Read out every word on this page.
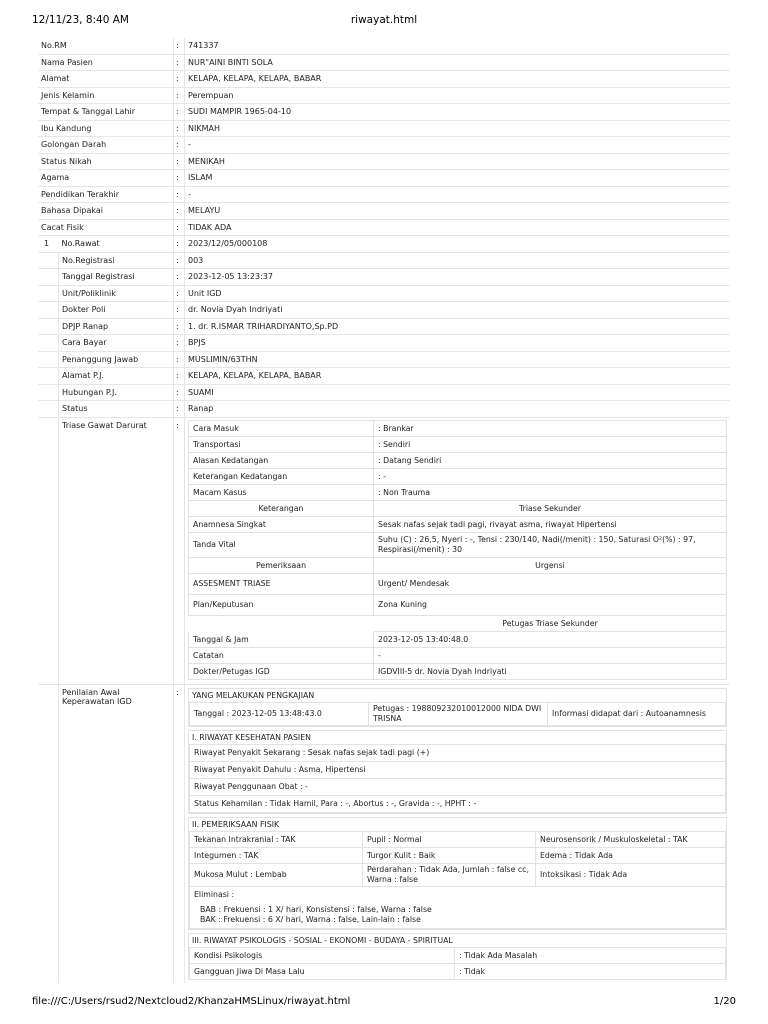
12/11/23, 8:40 AM	riwayat.html
No.RM	:	741337
Nama Pasien	:	NUR"AINI BINTI SOLA
Alamat	:	KELAPA, KELAPA, KELAPA, BABAR
Jenis Kelamin	:	Perempuan
Tempat & Tanggal Lahir	:	SUDI MAMPIR 1965-04-10
Ibu Kandung	:	NIKMAH
Golongan Darah	:	-
Status Nikah	:	MENIKAH
Agama	:	ISLAM
Pendidikan Terakhir	:	-
Bahasa Dipakai	:	MELAYU
Cacat Fisik	:	TIDAK ADA
1	No.Rawat	:	2023/12/05/000108
	No.Registrasi	:	003
	Tanggal Registrasi	:	2023-12-05 13:23:37
	Unit/Poliklinik	:	Unit IGD
	Dokter Poli	:	dr. Novia Dyah Indriyati
	DPJP Ranap	:	1. dr. R.ISMAR TRIHARDIYANTO,Sp.PD
	Cara Bayar	:	BPJS
	Penanggung Jawab	:	MUSLIMIN/63THN
	Alamat P.J.	:	KELAPA, KELAPA, KELAPA, BABAR
	Hubungan P.J.	:	SUAMI
	Status	:	Ranap
	Triase Gawat Darurat	:	Cara Masuk	: Brankar
Transportasi	: Sendiri
Alasan Kedatangan	: Datang Sendiri
Keterangan Kedatangan	: -
Macam Kasus	: Non Trauma
Keterangan	Triase Sekunder
Anamnesa Singkat	Sesak nafas sejak tadi pagi, rivayat asma, riwayat Hipertensi
Tanda Vital	Suhu (C) : 26,5, Nyeri : -, Tensi : 230/140, Nadi(/menit) : 150, Saturasi O²(%) : 97, Respirasi(/menit) : 30
Pemeriksaan	Urgensi
ASSESMENT TRIASE	Urgent/ Mendesak
Plan/Keputusan	Zona Kuning
	Petugas Triase Sekunder
Tanggal & Jam	2023-12-05 13:40:48.0
Catatan	-
Dokter/Petugas IGD	IGDVIII-5 dr. Novia Dyah Indriyati

	Penilaian Awal Keperawatan IGD	:	YANG MELAKUKAN PENGKAJIAN
Tanggal : 2023-12-05 13:48:43.0	Petugas : 198809232010012000 NIDA DWI TRISNA	Informasi didapat dari : Autoanamnesis
I. RIWAYAT KESEHATAN PASIEN
Riwayat Penyakit Sekarang : Sesak nafas sejak tadi pagi (+)
Riwayat Penyakit Dahulu : Asma, Hipertensi
Riwayat Penggunaan Obat : -
Status Kehamilan : Tidak Hamil, Para : -, Abortus : -, Gravida : -, HPHT : -
II. PEMERIKSAAN FISIK
Tekanan Intrakranial : TAK	Pupil : Normal	Neurosensorik / Muskuloskeletal : TAK
Integumen : TAK	Turgor Kulit : Baik	Edema : Tidak Ada
Mukosa Mulut : Lembab	Perdarahan : Tidak Ada, Jumlah : false cc, Warna : false	Intoksikasi : Tidak Ada

Eliminasi :
BAB : Frekuensi : 1 X/ hari, Konsistensi : false, Warna : false
BAK : Frekuensi : 6 X/ hari, Warna : false, Lain-lain : false
III. RIWAYAT PSIKOLOGIS - SOSIAL - EKONOMI - BUDAYA - SPIRITUAL
Kondisi Psikologis	: Tidak Ada Masalah
Gangguan Jiwa Di Masa Lalu	: Tidak
file:///C:/Users/rsud2/Nextcloud2/KhanzaHMSLinux/riwayat.html	1/20
